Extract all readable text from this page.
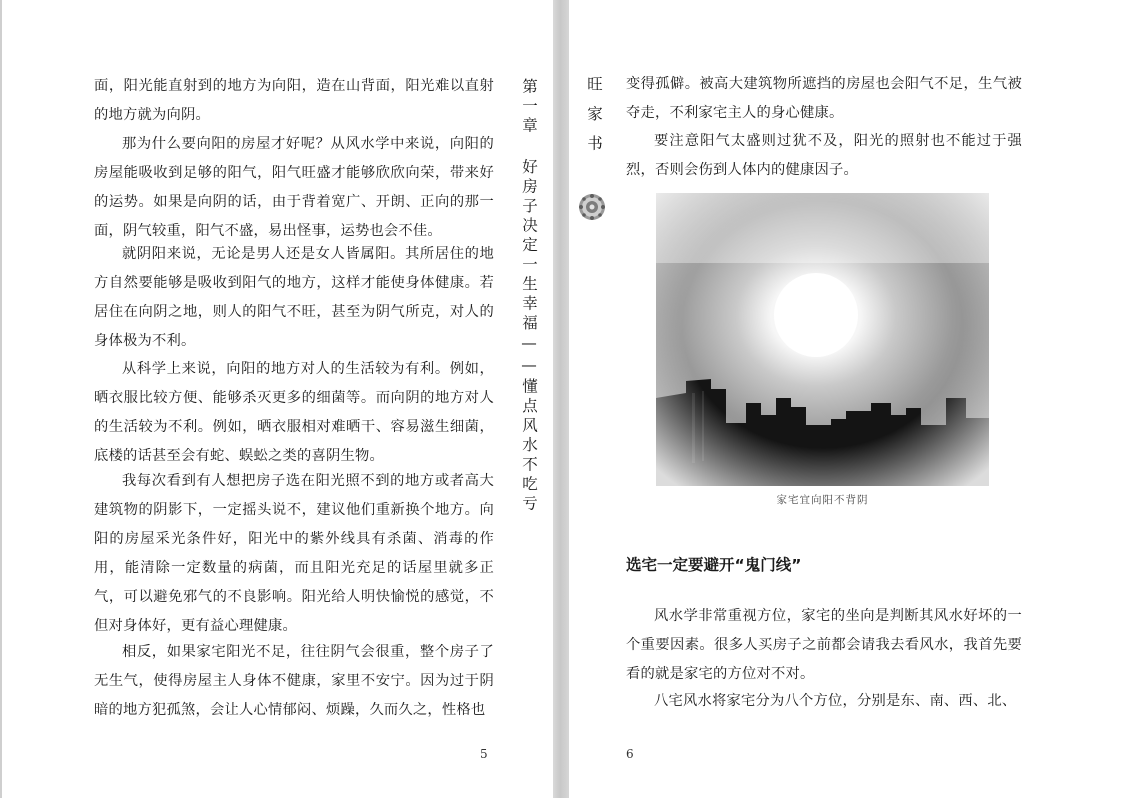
面，阳光能直射到的地方为向阳，造在山背面，阳光难以直射的地方就为向阴。

那为什么要向阳的房屋才好呢？从风水学中来说，向阳的房屋能吸收到足够的阳气，阳气旺盛才能够欣欣向荣，带来好的运势。如果是向阴的话，由于背着宽广、开朗、正向的那一面，阴气较重，阳气不盛，易出怪事，运势也会不佳。

就阴阳来说，无论是男人还是女人皆属阳。其所居住的地方自然要能够是吸收到阳气的地方，这样才能使身体健康。若居住在向阴之地，则人的阳气不旺，甚至为阴气所克，对人的身体极为不利。

从科学上来说，向阳的地方对人的生活较为有利。例如，晒衣服比较方便、能够杀灭更多的细菌等。而向阴的地方对人的生活较为不利。例如，晒衣服相对难晒干、容易滋生细菌，底楼的话甚至会有蛇、蜈蚣之类的喜阴生物。

我每次看到有人想把房子选在阳光照不到的地方或者高大建筑物的阴影下，一定摇头说不，建议他们重新换个地方。向阳的房屋采光条件好，阳光中的紫外线具有杀菌、消毒的作用，能清除一定数量的病菌，而且阳光充足的话屋里就多正气，可以避免邪气的不良影响。阳光给人明快愉悦的感觉，不但对身体好，更有益心理健康。

相反，如果家宅阳光不足，往往阴气会很重，整个房子了无生气，使得房屋主人身体不健康，家里不安宁。因为过于阴暗的地方犯孤煞，会让人心情郁闷、烦躁，久而久之，性格也

第一章 好房子决定一生幸福——懂点风水不吃亏
5
旺家书 变得孤僻。被高大建筑物所遮挡的房屋也会阳气不足，生气被夺走，不利家宅主人的身心健康。

要注意阳气太盛则过犹不及，阳光的照射也不能过于强烈，否则会伤到人体内的健康因子。

家宅宜向阳不背阴
选宅一定要避开“鬼门线”

风水学非常重视方位，家宅的坐向是判断其风水好坏的一个重要因素。很多人买房子之前都会请我去看风水，我首先要看的就是家宅的方位对不对。

八宅风水将家宅分为八个方位，分别是东、南、西、北、

6
